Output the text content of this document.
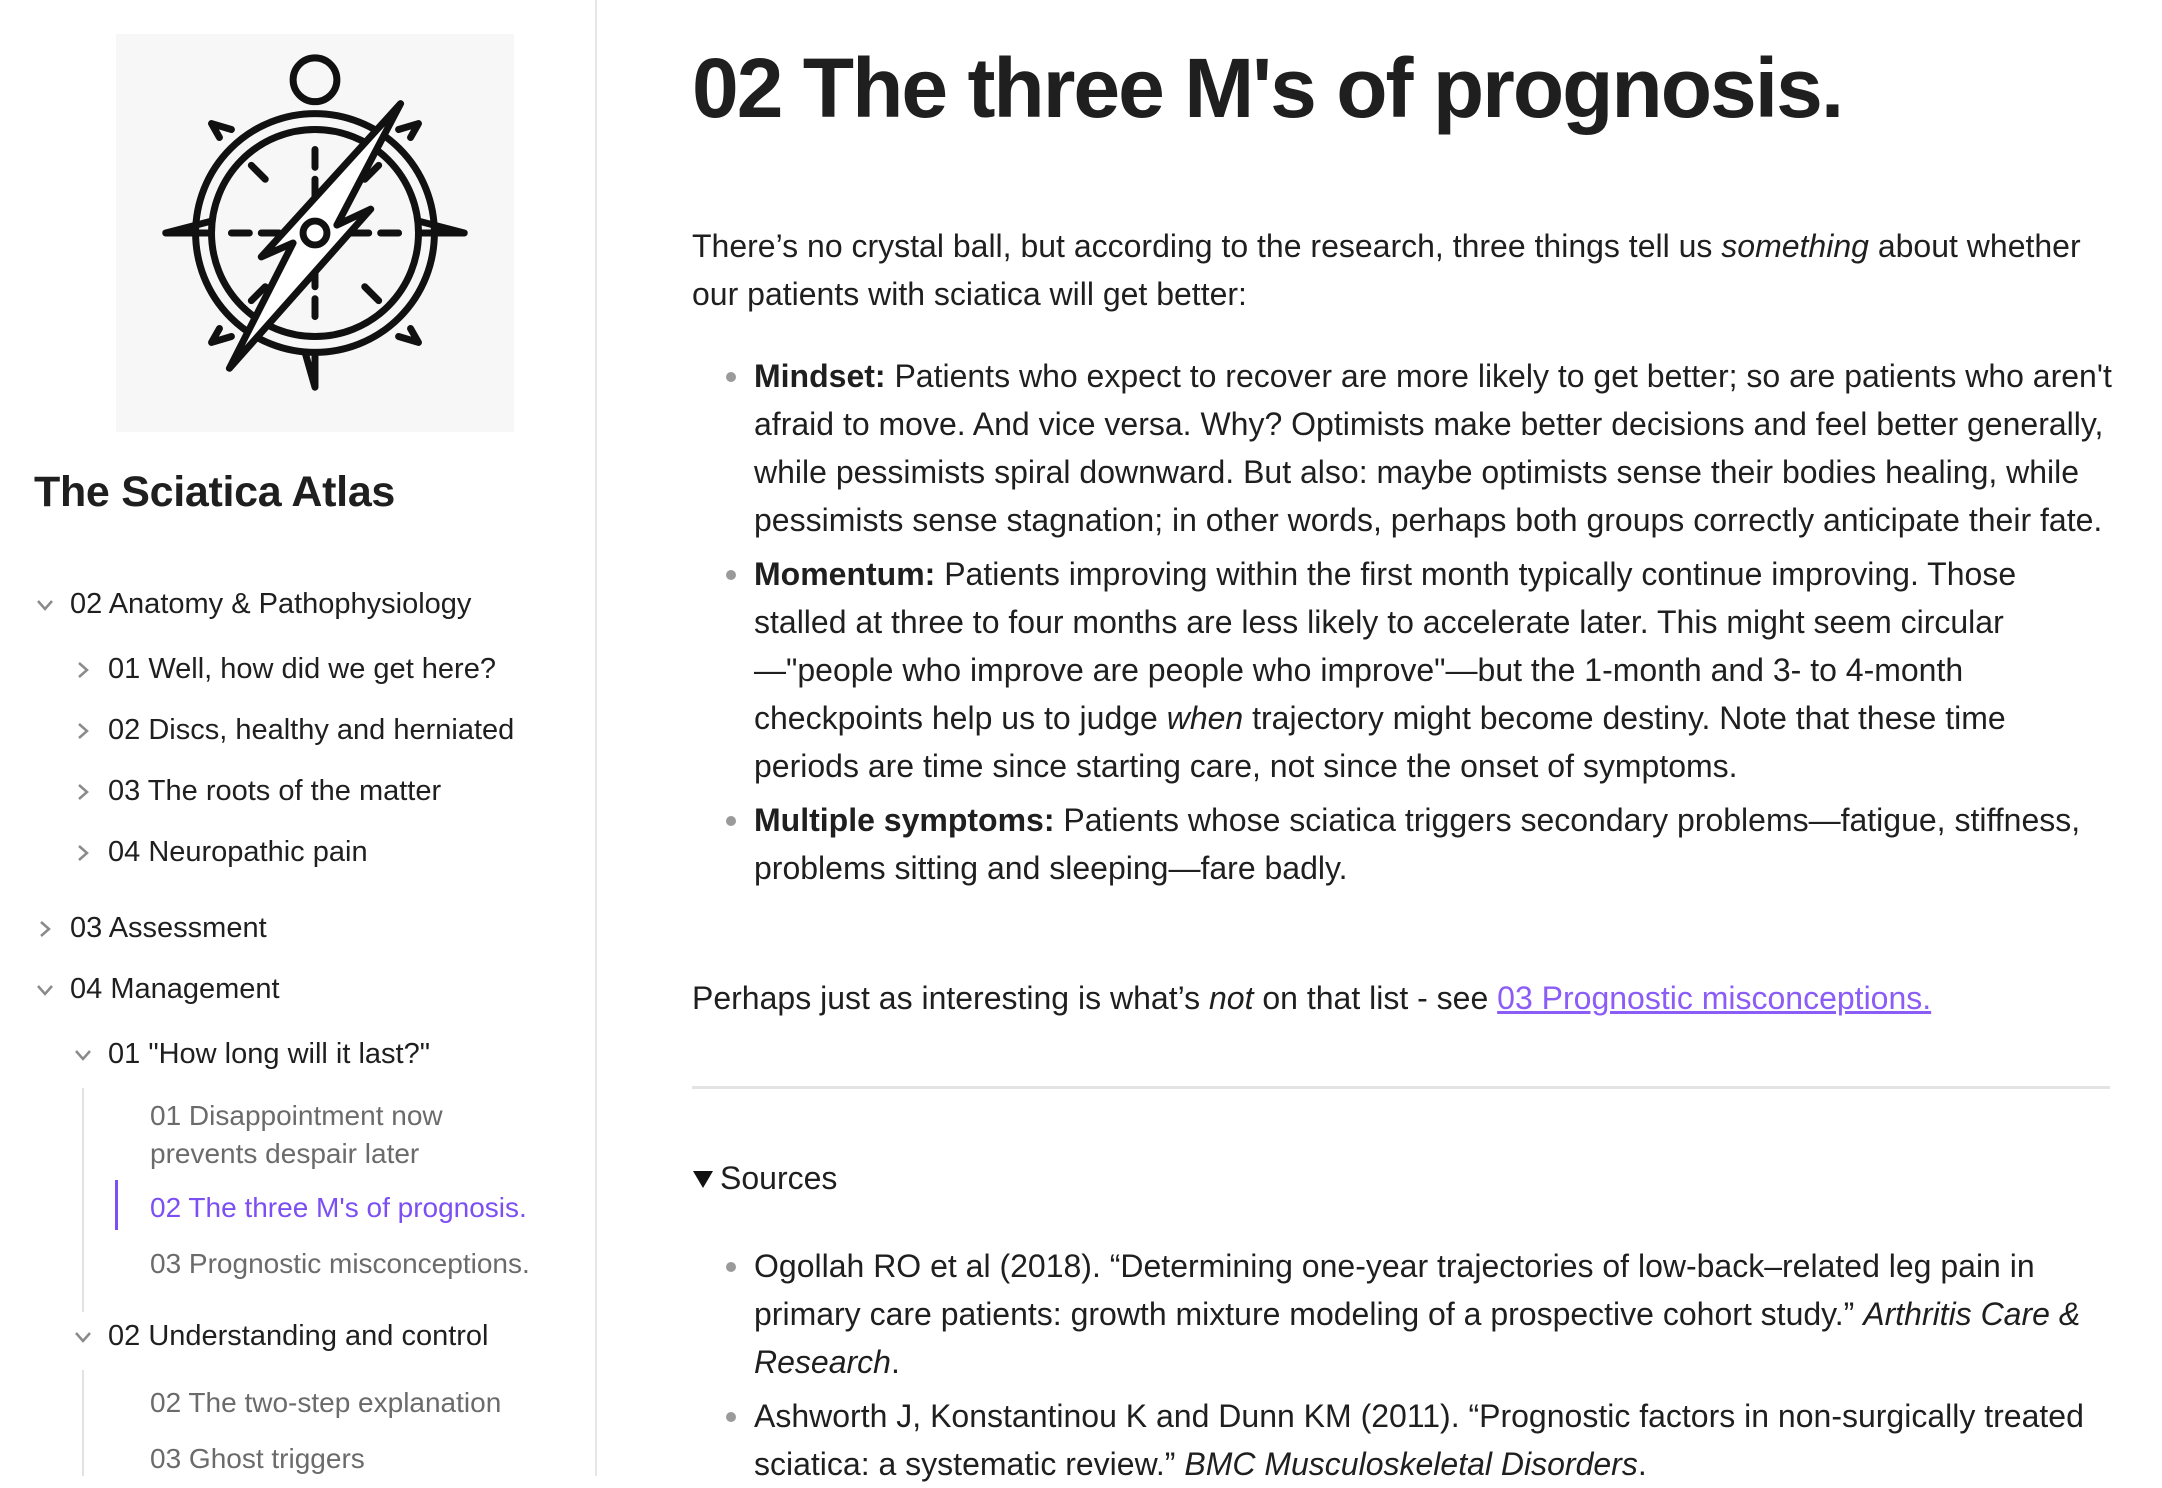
The Sciatica Atlas
02 Anatomy & Pathophysiology
01 Well, how did we get here?
02 Discs, healthy and herniated
03 The roots of the matter
04 Neuropathic pain
03 Assessment
04 Management
01 "How long will it last?"
01 Disappointment now
prevents despair later
02 The three M's of prognosis.
03 Prognostic misconceptions.
02 Understanding and control
02 The two-step explanation
03 Ghost triggers
02 The three M's of prognosis.

There’s no crystal ball, but according to the research, three things tell us something about whether our patients with sciatica will get better:

Mindset: Patients who expect to recover are more likely to get better; so are patients who aren't afraid to move. And vice versa. Why? Optimists make better decisions and feel better generally, while pessimists spiral downward. But also: maybe optimists sense their bodies healing, while pessimists sense stagnation; in other words, perhaps both groups correctly anticipate their fate.
Momentum: Patients improving within the first month typically continue improving. Those stalled at three to four months are less likely to accelerate later. This might seem circular —"people who improve are people who improve"—but the 1-month and 3- to 4-month checkpoints help us to judge when trajectory might become destiny. Note that these time periods are time since starting care, not since the onset of symptoms.
Multiple symptoms: Patients whose sciatica triggers secondary problems—fatigue, stiffness, problems sitting and sleeping—fare badly.

Perhaps just as interesting is what’s not on that list - see 03 Prognostic misconceptions.

Sources
Ogollah RO et al (2018). “Determining one-year trajectories of low-back–related leg pain in primary care patients: growth mixture modeling of a prospective cohort study.” Arthritis Care & Research.
Ashworth J, Konstantinou K and Dunn KM (2011). “Prognostic factors in non-surgically treated sciatica: a systematic review.” BMC Musculoskeletal Disorders.
